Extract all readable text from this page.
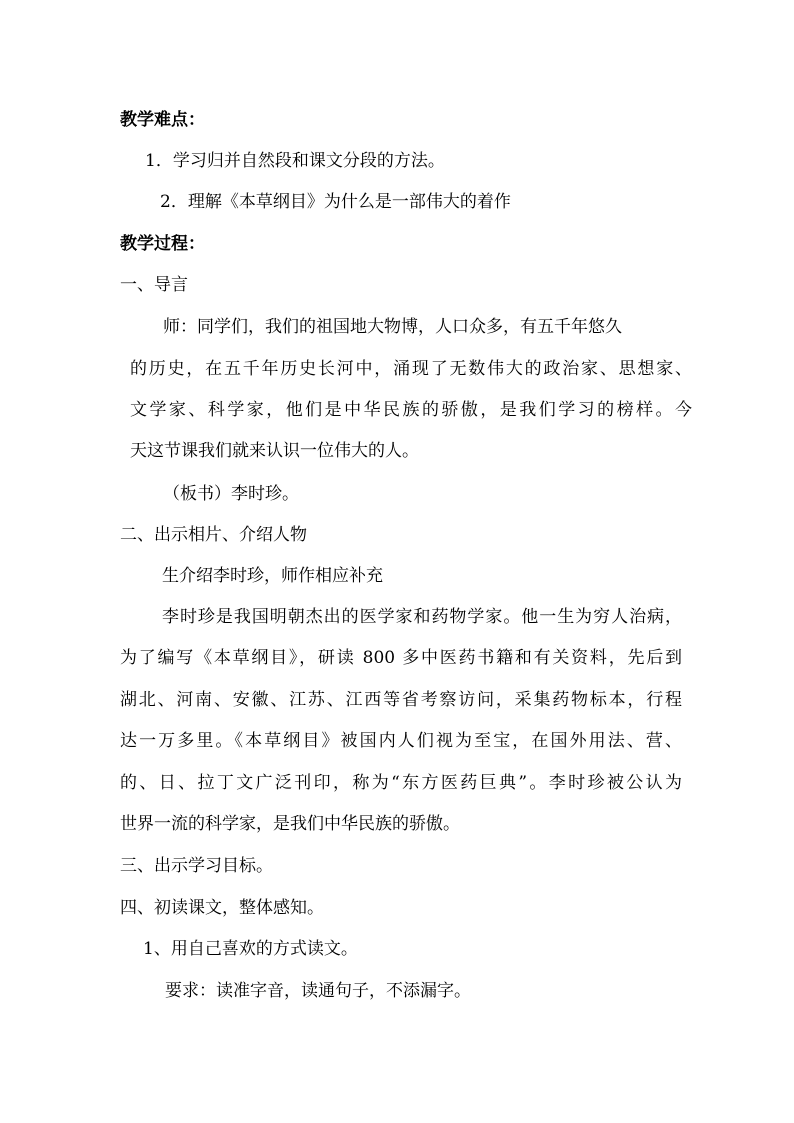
教学难点：
1．学习归并自然段和课文分段的方法。
2．理解《本草纲目》为什么是一部伟大的着作
教学过程：
一、导言
师：同学们，我们的祖国地大物博，人口众多，有五千年悠久
的历史，在五千年历史长河中，涌现了无数伟大的政治家、思想家、
文学家、科学家，他们是中华民族的骄傲，是我们学习的榜样。今
天这节课我们就来认识一位伟大的人。
（板书）李时珍。
二、出示相片、介绍人物
生介绍李时珍，师作相应补充
李时珍是我国明朝杰出的医学家和药物学家。他一生为穷人治病，
为了编写《本草纲目》，研读 800 多中医药书籍和有关资料，先后到
湖北、河南、安徽、江苏、江西等省考察访问，采集药物标本，行程
达一万多里。《本草纲目》被国内人们视为至宝，在国外用法、营、
的、日、拉丁文广泛刊印，称为“东方医药巨典”。李时珍被公认为
世界一流的科学家，是我们中华民族的骄傲。
三、出示学习目标。
四、初读课文，整体感知。
1、用自己喜欢的方式读文。
要求：读准字音，读通句子，不添漏字。
